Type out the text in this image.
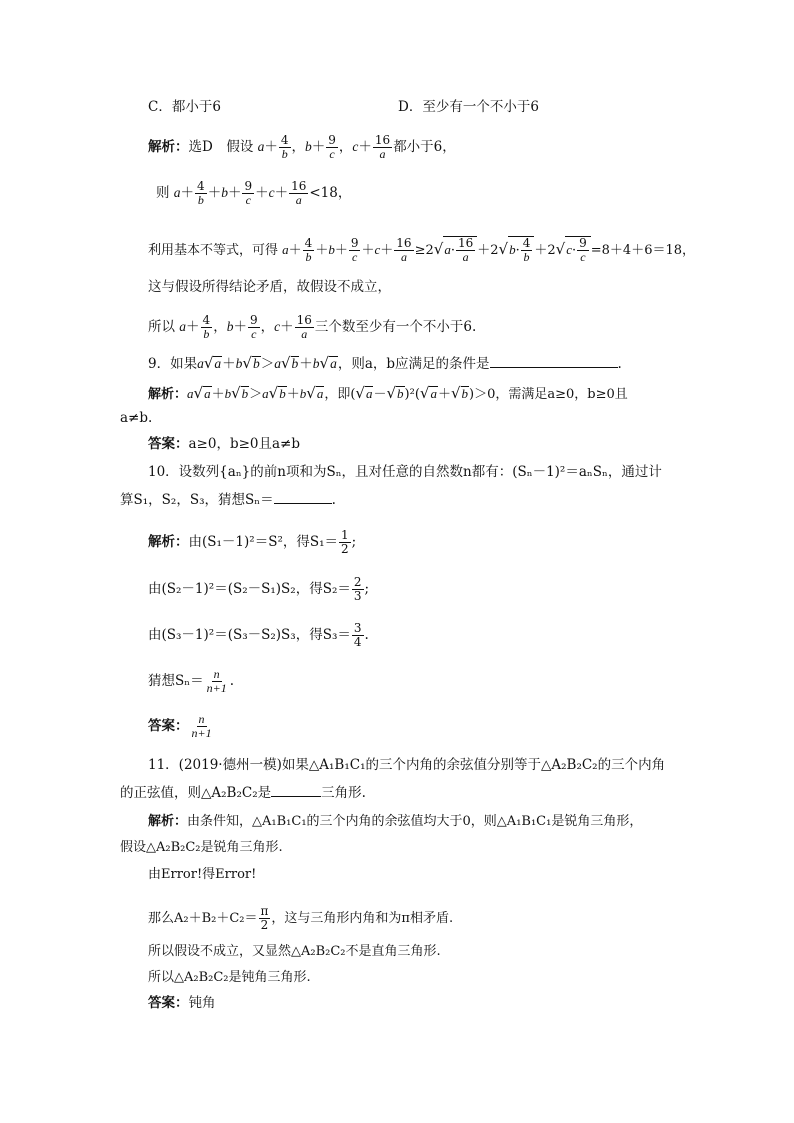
C．都小于6	D．至少有一个不小于6
解析：选D　假设 $a+ \frac{4}{b}$ ，$b+ \frac{9}{c}$ ，$c+ \frac{16}{a}$ 都小于6，
则 $a+ \frac{4}{b} +b+ \frac{9}{c} +c+ \frac{16}{a} <18$，
利用基本不等式，可得 $a+ \frac{4}{b} +b+ \frac{9}{c} +c+ \frac{16}{a} \ge 2√a\cdot \frac{16}{a} +2√b\cdot \frac{4}{b} +2√c\cdot \frac{9}{c} =8+4+6=18$，
这与假设所得结论矛盾，故假设不成立，
所以 $a+ \frac{4}{b}$ ，$b+ \frac{9}{c}$ ，$c+ \frac{16}{a}$ 三个数至少有一个不小于6.
9．如果a√a＋b√b＞a√b＋b√a，则a，b应满足的条件是	.
解析：a√a＋b√b＞a√b＋b√a，即(√a－√b)²(√a＋√b)＞0，需满足a≥0，b≥0且
a≠b.
答案：a≥0，b≥0且a≠b
10．设数列{aₙ}的前n项和为Sₙ，且对任意的自然数n都有：(Sₙ－1)²＝aₙSₙ，通过计
算S₁，S₂，S₃，猜想Sₙ＝	.
解析：由(S₁－1)²＝S²，得$S_1= \frac{1}{2}$ ;
由(S₂－1)²＝(S₂－S₁)S₂，得$S_2= \frac{2}{3}$ ;
由(S₃－1)²＝(S₃－S₂)S₃，得$S_3= \frac{3}{4}$ .
猜想$S_n= \frac{n}{n+1}$ .
答案： $\frac{n}{n+1}$
11．(2019·德州一模)如果△A₁B₁C₁的三个内角的余弦值分别等于△A₂B₂C₂的三个内角
的正弦值，则△A₂B₂C₂是	三角形.
解析：由条件知，△A₁B₁C₁的三个内角的余弦值均大于0，则△A₁B₁C₁是锐角三角形，
假设△A₂B₂C₂是锐角三角形.
由Error!得Error!
那么$A_2+B_2+C_2= \frac{\pi}{2}$ ，这与三角形内角和为π相矛盾.
所以假设不成立，又显然△A₂B₂C₂不是直角三角形.
所以△A₂B₂C₂是钝角三角形.
答案：钝角
